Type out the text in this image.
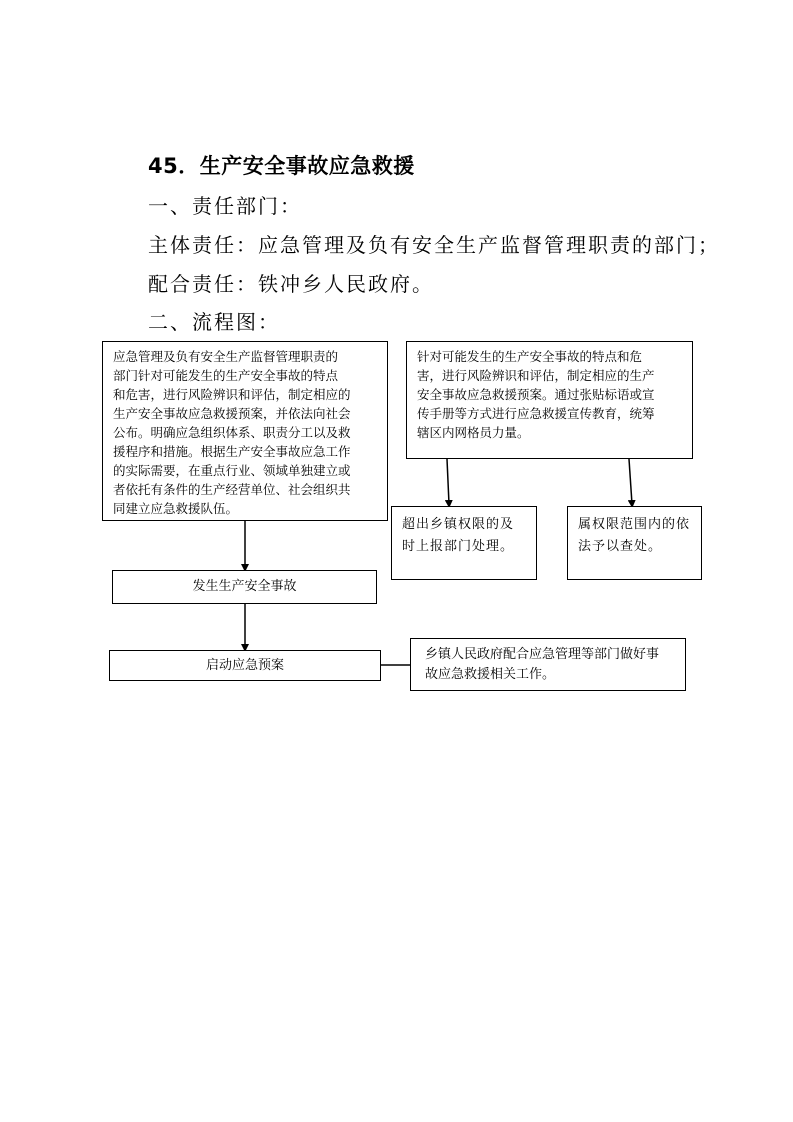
45．生产安全事故应急救援
一、责任部门：
主体责任：应急管理及负有安全生产监督管理职责的部门；
配合责任：铁冲乡人民政府。
二、流程图：
应急管理及负有安全生产监督管理职责的
部门针对可能发生的生产安全事故的特点
和危害，进行风险辨识和评估，制定相应的
生产安全事故应急救援预案，并依法向社会
公布。明确应急组织体系、职责分工以及救
援程序和措施。根据生产安全事故应急工作
的实际需要，在重点行业、领域单独建立或
者依托有条件的生产经营单位、社会组织共
同建立应急救援队伍。
针对可能发生的生产安全事故的特点和危
害，进行风险辨识和评估，制定相应的生产
安全事故应急救援预案。通过张贴标语或宣
传手册等方式进行应急救援宣传教育，统筹
辖区内网格员力量。
超出乡镇权限的及
时上报部门处理。
属权限范围内的依
法予以查处。
发生生产安全事故
启动应急预案
乡镇人民政府配合应急管理等部门做好事
故应急救援相关工作。
